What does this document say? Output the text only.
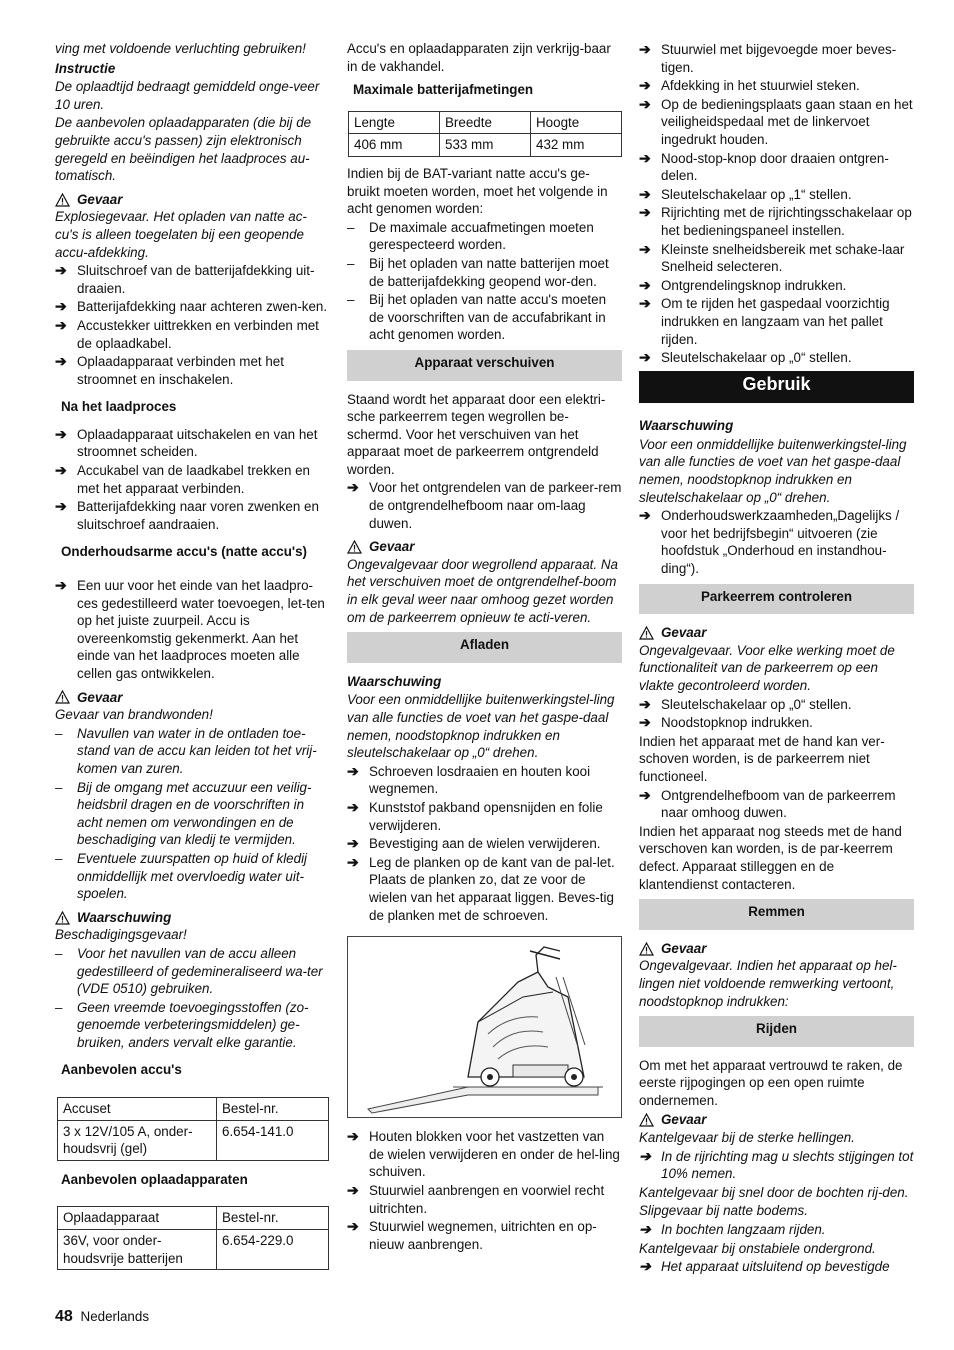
ving met voldoende verluchting gebruiken!

Instructie

De oplaadtijd bedraagt gemiddeld onge-veer 10 uren.

De aanbevolen oplaadapparaten (die bij de gebruikte accu's passen) zijn elektronisch geregeld en beëindigen het laadproces au-tomatisch.

Gevaar

Explosiegevaar. Het opladen van natte ac-cu's is alleen toegelaten bij een geopende accu-afdekking.

➔ Sluitschroef van de batterijafdekking uit-draaien.
➔ Batterijafdekking naar achteren zwen-ken.
➔ Accustekker uittrekken en verbinden met de oplaadkabel.
➔ Oplaadapparaat verbinden met het stroomnet en inschakelen.

Na het laadproces

➔ Oplaadapparaat uitschakelen en van het stroomnet scheiden.
➔ Accukabel van de laadkabel trekken en met het apparaat verbinden.
➔ Batterijafdekking naar voren zwenken en sluitschroef aandraaien.

Onderhoudsarme accu's (natte accu's)

➔ Een uur voor het einde van het laadpro-ces gedestilleerd water toevoegen, let-ten op het juiste zuurpeil. Accu is overeenkomstig gekenmerkt. Aan het einde van het laadproces moeten alle cellen gas ontwikkelen.
Gevaar

Gevaar van brandwonden!

– Navullen van water in de ontladen toe-stand van de accu kan leiden tot het vrij-komen van zuren.
– Bij de omgang met accuzuur een veilig-heidsbril dragen en de voorschriften in acht nemen om verwondingen en de beschadiging van kledij te vermijden.
– Eventuele zuurspatten op huid of kledij onmiddellijk met overvloedig water uit-spoelen.
Waarschuwing

Beschadigingsgevaar!

– Voor het navullen van de accu alleen gedestilleerd of gedemineraliseerd wa-ter (VDE 0510) gebruiken.
– Geen vreemde toevoegingsstoffen (zo-genoemde verbeteringsmiddelen) ge-bruiken, anders vervalt elke garantie.

Aanbevolen accu's

Accuset	Bestel-nr.
3 x 12V/105 A, onder-houdsvrij (gel)	6.654-141.0

Aanbevolen oplaadapparaten

Oplaadapparaat	Bestel-nr.
36V, voor onder-houdsvrije batterijen	6.654-229.0

Accu's en oplaadapparaten zijn verkrijg-baar in de vakhandel.

Maximale batterijafmetingen

Lengte	Breedte	Hoogte
406 mm	533 mm	432 mm

Indien bij de BAT-variant natte accu's ge-bruikt moeten worden, moet het volgende in acht genomen worden:

– De maximale accuafmetingen moeten gerespecteerd worden.
– Bij het opladen van natte batterijen moet de batterijafdekking geopend wor-den.
– Bij het opladen van natte accu's moeten de voorschriften van de accufabrikant in acht genomen worden.
Apparaat verschuiven

Staand wordt het apparaat door een elektri-sche parkeerrem tegen wegrollen be-schermd. Voor het verschuiven van het apparaat moet de parkeerrem ontgrendeld worden.

➔ Voor het ontgrendelen van de parkeer-rem de ontgrendelhefboom naar om-laag duwen.
Gevaar

Ongevalgevaar door wegrollend apparaat. Na het verschuiven moet de ontgrendelhef-boom in elk geval weer naar omhoog gezet worden om de parkeerrem opnieuw te acti-veren.

Afladen

Waarschuwing

Voor een onmiddellijke buitenwerkingstel-ling van alle functies de voet van het gaspe-daal nemen, noodstopknop indrukken en sleutelschakelaar op „0“ drehen.

➔ Schroeven losdraaien en houten kooi wegnemen.
➔ Kunststof pakband opensnijden en folie verwijderen.
➔ Bevestiging aan de wielen verwijderen.
➔ Leg de planken op de kant van de pal-let. Plaats de planken zo, dat ze voor de wielen van het apparaat liggen. Beves-tig de planken met de schroeven.
➔ Houten blokken voor het vastzetten van de wielen verwijderen en onder de hel-ling schuiven.
➔ Stuurwiel aanbrengen en voorwiel recht uitrichten.
➔ Stuurwiel wegnemen, uitrichten en op-nieuw aanbrengen.
➔ Stuurwiel met bijgevoegde moer beves-tigen.
➔ Afdekking in het stuurwiel steken.
➔ Op de bedieningsplaats gaan staan en het veiligheidspedaal met de linkervoet ingedrukt houden.
➔ Nood-stop-knop door draaien ontgren-delen.
➔ Sleutelschakelaar op „1“ stellen.
➔ Rijrichting met de rijrichtingsschakelaar op het bedieningspaneel instellen.
➔ Kleinste snelheidsbereik met schake-laar Snelheid selecteren.
➔ Ontgrendelingsknop indrukken.
➔ Om te rijden het gaspedaal voorzichtig indrukken en langzaam van het pallet rijden.
➔ Sleutelschakelaar op „0“ stellen.
Gebruik

Waarschuwing

Voor een onmiddellijke buitenwerkingstel-ling van alle functies de voet van het gaspe-daal nemen, noodstopknop indrukken en sleutelschakelaar op „0“ drehen.

➔ Onderhoudswerkzaamheden„Dagelijks / voor het bedrijfsbegin“ uitvoeren (zie hoofdstuk „Onderhoud en instandhou-ding“).
Parkeerrem controleren
Gevaar

Ongevalgevaar. Voor elke werking moet de functionaliteit van de parkeerrem op een vlakte gecontroleerd worden.

➔ Sleutelschakelaar op „0“ stellen.
➔ Noodstopknop indrukken.

Indien het apparaat met de hand kan ver-schoven worden, is de parkeerrem niet functioneel.

➔ Ontgrendelhefboom van de parkeerrem naar omhoog duwen.

Indien het apparaat nog steeds met de hand verschoven kan worden, is de par-keerrem defect. Apparaat stilleggen en de klantendienst contacteren.

Remmen
Gevaar

Ongevalgevaar. Indien het apparaat op hel-lingen niet voldoende remwerking vertoont, noodstopknop indrukken:

Rijden

Om met het apparaat vertrouwd te raken, de eerste rijpogingen op een open ruimte ondernemen.

Gevaar

Kantelgevaar bij de sterke hellingen.

➔ In de rijrichting mag u slechts stijgingen tot 10% nemen.

Kantelgevaar bij snel door de bochten rij-den.

Slipgevaar bij natte bodems.

➔ In bochten langzaam rijden.

Kantelgevaar bij onstabiele ondergrond.

➔ Het apparaat uitsluitend op bevestigde
48 Nederlands
